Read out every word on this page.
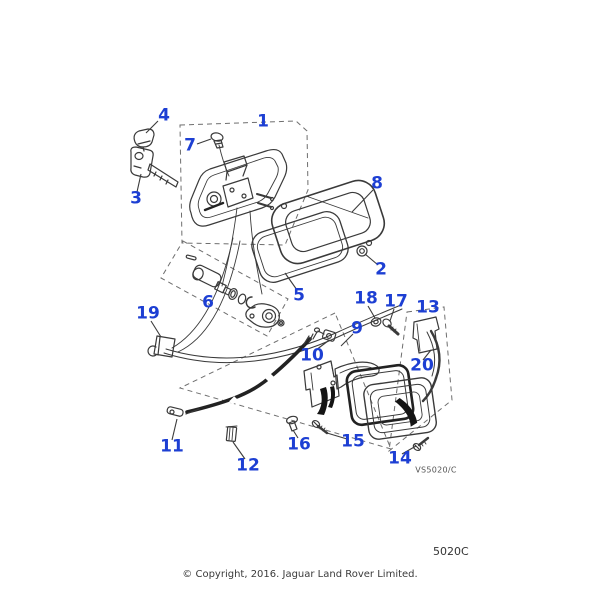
1
2
3
4
5
6
7
8
9
10
11
12
13
14
15
16
17
18
19
20
VS5020/C
5020C
© Copyright, 2016. Jaguar Land Rover Limited.
